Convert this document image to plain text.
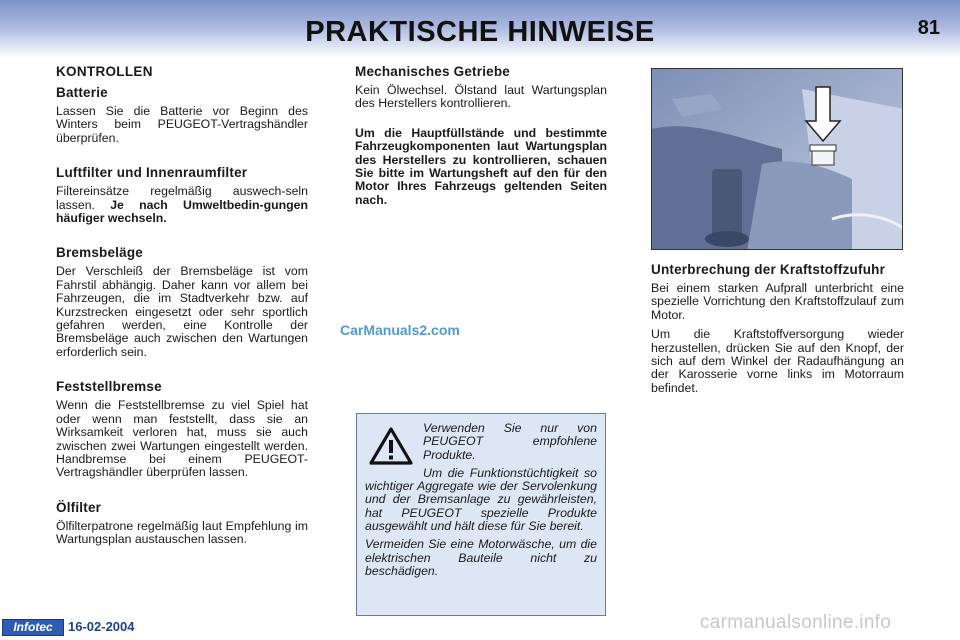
PRAKTISCHE HINWEISE	81
KONTROLLEN
Batterie

Lassen Sie die Batterie vor Beginn des Winters beim PEUGEOT-Vertragshändler überprüfen.

Luftfilter und Innenraumfilter

Filtereinsätze regelmäßig auswech-seln lassen. Je nach Umweltbedin-gungen häufiger wechseln.

Bremsbeläge

Der Verschleiß der Bremsbeläge ist vom Fahrstil abhängig. Daher kann vor allem bei Fahrzeugen, die im Stadtverkehr bzw. auf Kurzstrecken eingesetzt oder sehr sportlich gefahren werden, eine Kontrolle der Bremsbeläge auch zwischen den Wartungen erforderlich sein.

Feststellbremse

Wenn die Feststellbremse zu viel Spiel hat oder wenn man feststellt, dass sie an Wirksamkeit verloren hat, muss sie auch zwischen zwei Wartungen eingestellt werden. Handbremse bei einem PEUGEOT-Vertragshändler überprüfen lassen.

Ölfilter

Ölfilterpatrone regelmäßig laut Empfehlung im Wartungsplan austauschen lassen.

Mechanisches Getriebe

Kein Ölwechsel. Ölstand laut Wartungsplan des Herstellers kontrollieren.

Um die Hauptfüllstände und bestimmte Fahrzeugkomponenten laut Wartungsplan des Herstellers zu kontrollieren, schauen Sie bitte im Wartungsheft auf den für den Motor Ihres Fahrzeugs geltenden Seiten nach.

CarManuals2.com

Verwenden Sie nur von PEUGEOT empfohlene Produkte.

Um die Funktionstüchtigkeit so wichtiger Aggregate wie der Servolenkung und der Bremsanlage zu gewährleisten, hat PEUGEOT spezielle Produkte ausgewählt und hält diese für Sie bereit.

Vermeiden Sie eine Motorwäsche, um die elektrischen Bauteile nicht zu beschädigen.

Unterbrechung der Kraftstoffzufuhr

Bei einem starken Aufprall unterbricht eine spezielle Vorrichtung den Kraftstoffzulauf zum Motor.

Um die Kraftstoffversorgung wieder herzustellen, drücken Sie auf den Knopf, der sich auf dem Winkel der Radaufhängung an der Karosserie vorne links im Motorraum befindet.

Infotec	16-02-2004	carmanualsonline.info
